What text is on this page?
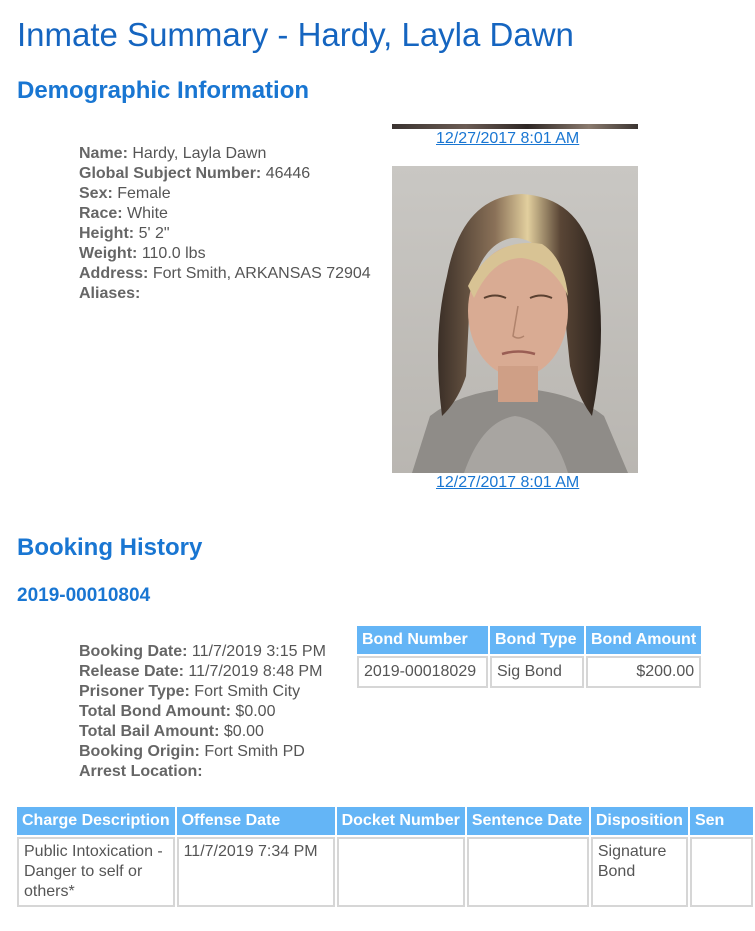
Inmate Summary - Hardy, Layla Dawn
Demographic Information
Name: Hardy, Layla Dawn
Global Subject Number: 46446
Sex: Female
Race: White
Height: 5' 2"
Weight: 110.0 lbs
Address: Fort Smith, ARKANSAS 72904
Aliases:
12/27/2017 8:01 AM
12/27/2017 8:01 AM
Booking History
2019-00010804
Booking Date: 11/7/2019 3:15 PM
Release Date: 11/7/2019 8:48 PM
Prisoner Type: Fort Smith City
Total Bond Amount: $0.00
Total Bail Amount: $0.00
Booking Origin: Fort Smith PD
Arrest Location:
Bond Number	Bond Type	Bond Amount
2019-00018029	Sig Bond	$200.00
Charge Description	Offense Date	Docket Number	Sentence Date	Disposition	Sen
Public Intoxication - Danger to self or others*	11/7/2019 7:34 PM			Signature Bond	
